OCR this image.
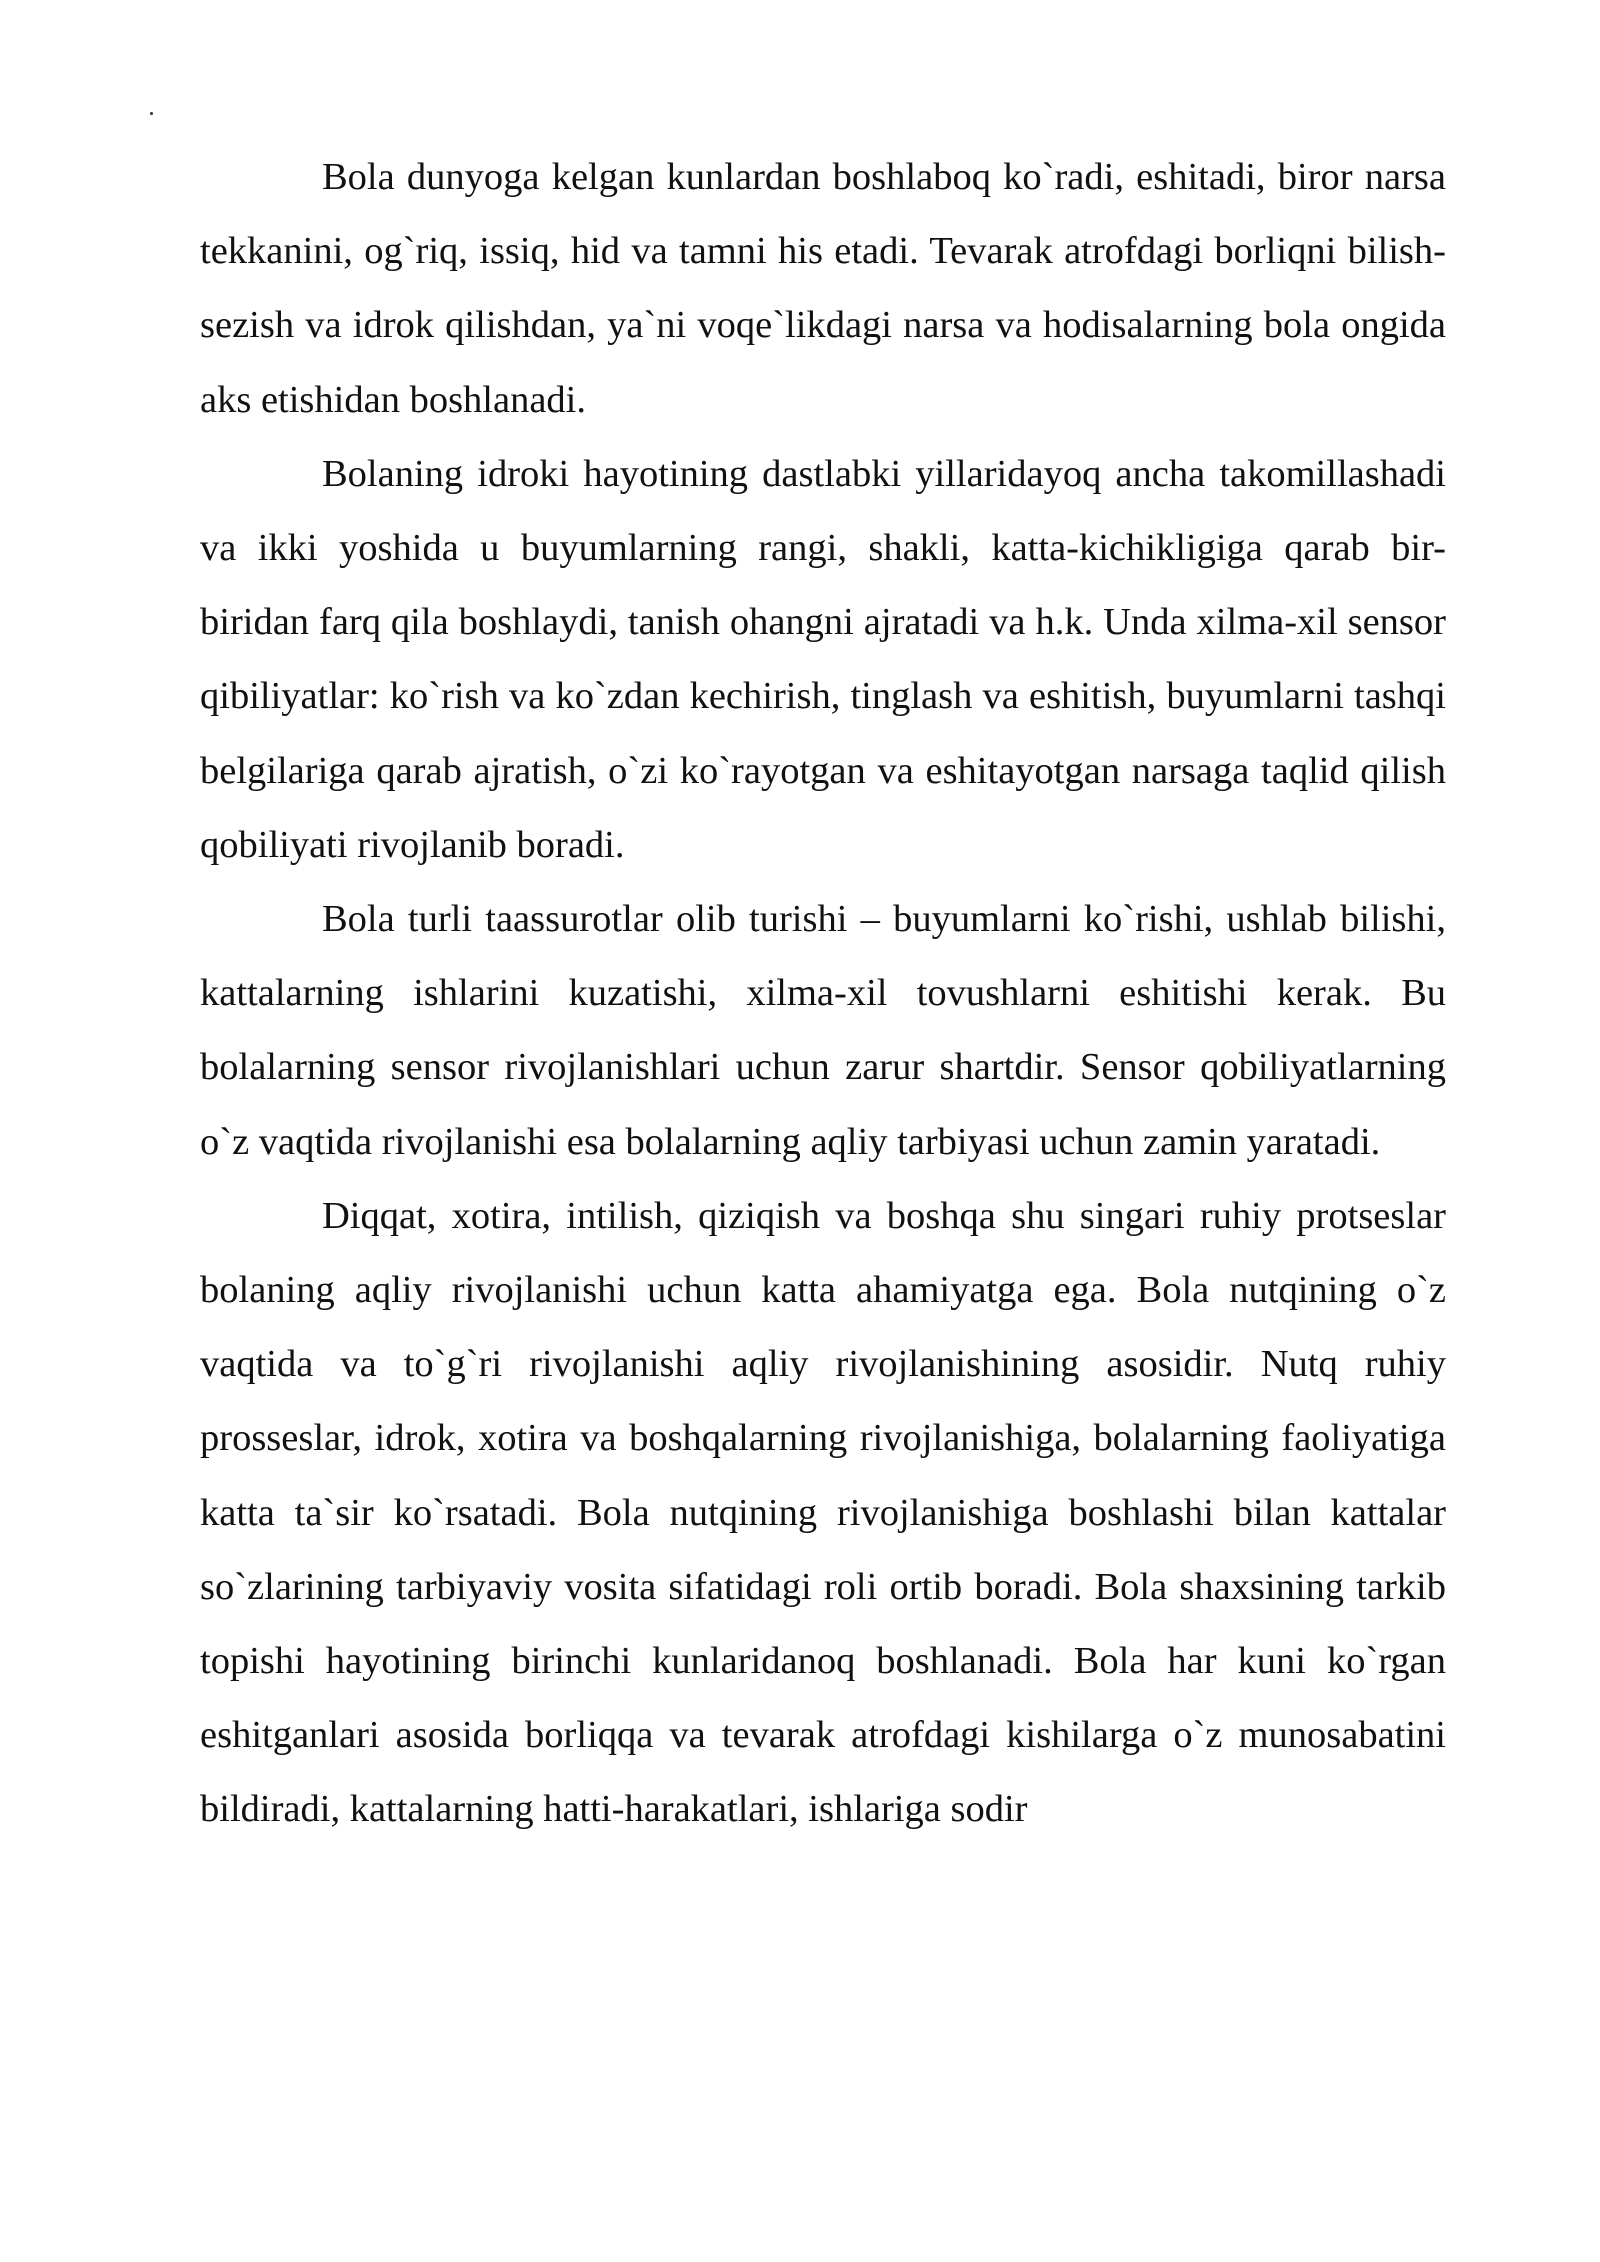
Bola dunyoga kelgan kunlardan boshlaboq ko`radi, eshitadi, biror narsa tekkanini, og`riq, issiq, hid va tamni his etadi. Tevarak atrofdagi borliqni bilish-sezish va idrok qilishdan, ya`ni voqe`likdagi narsa va hodisalarning bola ongida aks etishidan boshlanadi.

Bolaning idroki hayotining dastlabki yillaridayoq ancha takomillashadi va ikki yoshida u buyumlarning rangi, shakli, katta-kichikligiga qarab bir-biridan farq qila boshlaydi, tanish ohangni ajratadi va h.k. Unda xilma-xil sensor qibiliyatlar: ko`rish va ko`zdan kechirish, tinglash va eshitish, buyumlarni tashqi belgilariga qarab ajratish, o`zi ko`rayotgan va eshitayotgan narsaga taqlid qilish qobiliyati rivojlanib boradi.

Bola turli taassurotlar olib turishi – buyumlarni ko`rishi, ushlab bilishi, kattalarning ishlarini kuzatishi, xilma-xil tovushlarni eshitishi kerak. Bu bolalarning sensor rivojlanishlari uchun zarur shartdir. Sensor qobiliyatlarning o`z vaqtida rivojlanishi esa bolalarning aqliy tarbiyasi uchun zamin yaratadi.

Diqqat, xotira, intilish, qiziqish va boshqa shu singari ruhiy protseslar bolaning aqliy rivojlanishi uchun katta ahamiyatga ega. Bola nutqining o`z vaqtida va to`g`ri rivojlanishi aqliy rivojlanishining asosidir. Nutq ruhiy prosseslar, idrok, xotira va boshqalarning rivojlanishiga, bolalarning faoliyatiga katta ta`sir ko`rsatadi. Bola nutqining rivojlanishiga boshlashi bilan kattalar so`zlarining tarbiyaviy vosita sifatidagi roli ortib boradi. Bola shaxsining tarkib topishi hayotining birinchi kunlaridanoq boshlanadi. Bola har kuni ko`rgan eshitganlari asosida borliqqa va tevarak atrofdagi kishilarga o`z munosabatini bildiradi, kattalarning hatti-harakatlari, ishlariga sodir
